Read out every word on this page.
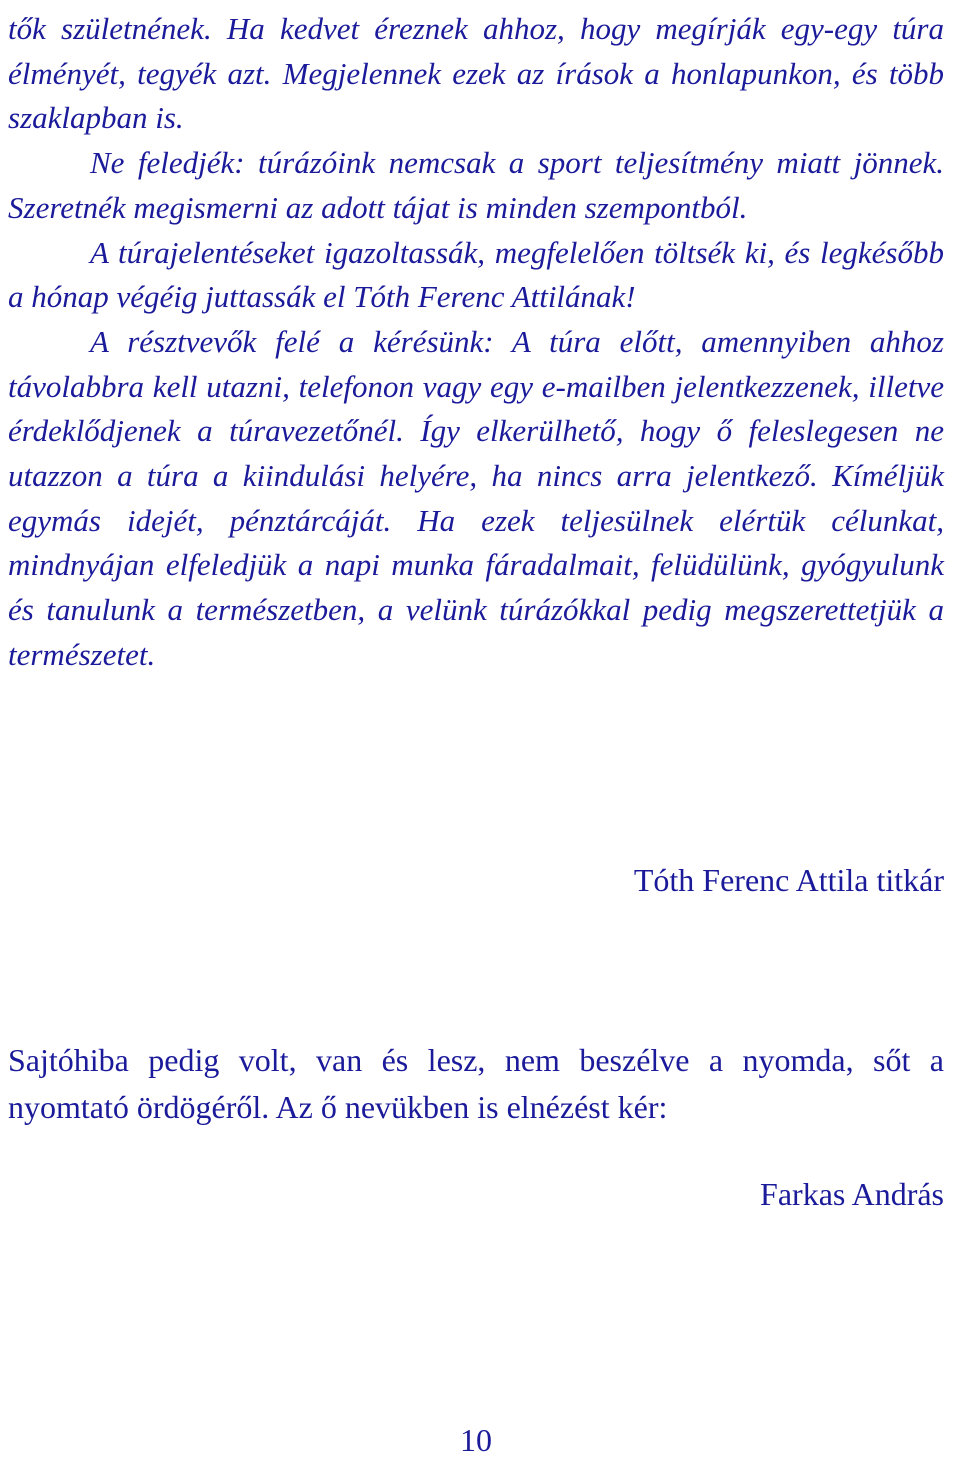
tők születnének. Ha kedvet éreznek ahhoz, hogy megírják egy-egy túra élményét, tegyék azt. Megjelennek ezek az írások a honlapunkon, és több szaklapban is.

Ne feledjék: túrázóink nemcsak a sport teljesítmény miatt jönnek. Szeretnék megismerni az adott tájat is minden szempontból.

A túrajelentéseket igazoltassák, megfelelően töltsék ki, és legkésőbb a hónap végéig juttassák el Tóth Ferenc Attilának!

A résztvevők felé a kérésünk: A túra előtt, amennyiben ahhoz távolabbra kell utazni, telefonon vagy egy e-mailben jelentkezzenek, illetve érdeklődjenek a túravezetőnél. Így elkerülhető, hogy ő feleslegesen ne utazzon a túra a kiindulási helyére, ha nincs arra jelentkező. Kíméljük egymás idejét, pénztárcáját. Ha ezek teljesülnek elértük célunkat, mindnyájan elfeledjük a napi munka fáradalmait, felüdülünk, gyógyulunk és tanulunk a természetben, a velünk túrázókkal pedig megszerettetjük a természetet.

Tóth Ferenc Attila titkár

Sajtóhiba pedig volt, van és lesz, nem beszélve a nyomda, sőt a nyomtató ördögéről. Az ő nevükben is elnézést kér:

Farkas András
10
